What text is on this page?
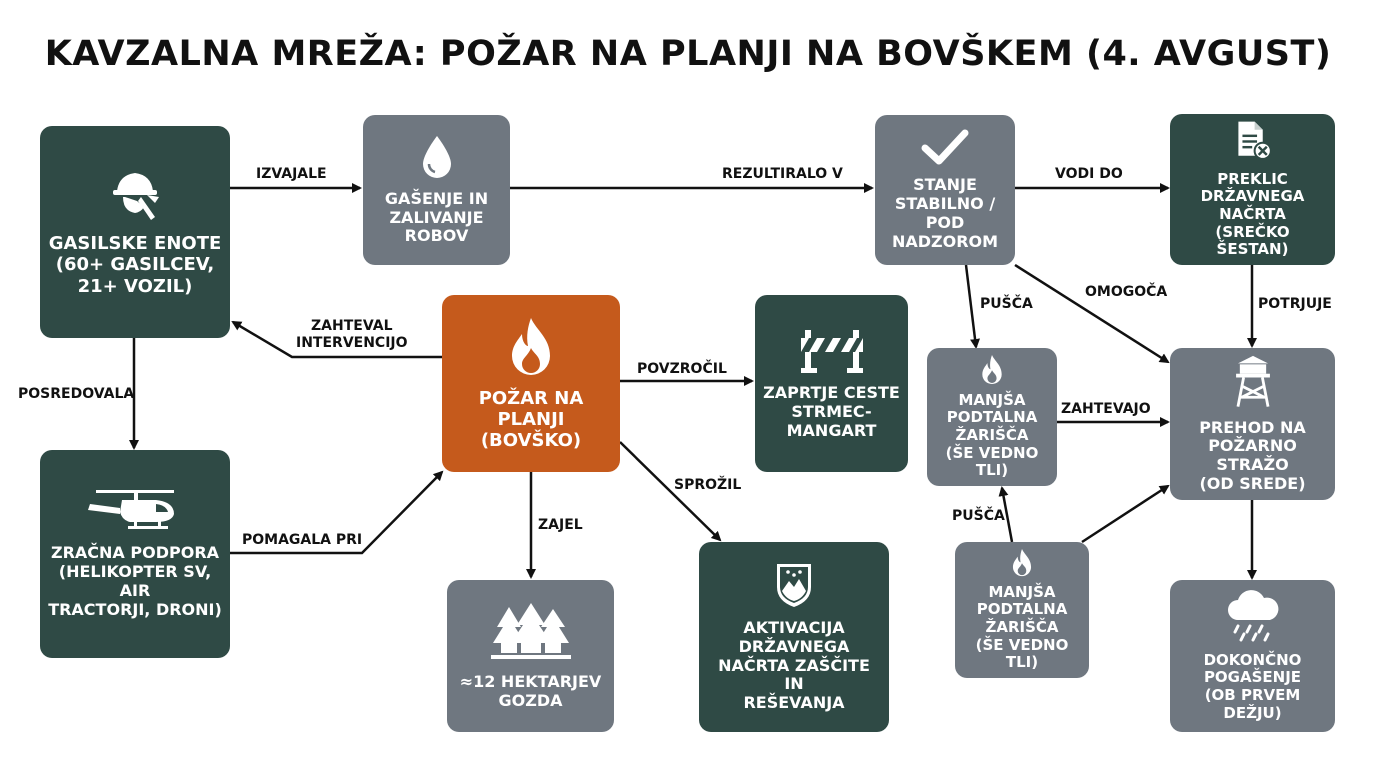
KAVZALNA MREŽA: POŽAR NA PLANJI NA BOVŠKEM (4. AVGUST)
IZVAJALE	REZULTIRALO V	VODI DO
ZAHTEVAL
INTERVENCIJO
POSREDOVALA
POVZROČIL
PUŠČA
OMOGOČA
POTRJUJE
ZAHTEVAJO
POMAGALA PRI
ZAJEL
SPROŽIL
PUŠČA
GASILSKE ENOTE
(60+ GASILCEV,
21+ VOZIL)
GAŠENJE IN
ZALIVANJE
ROBOV
STANJE
STABILNO / POD
NADZOROM
PREKLIC
DRŽAVNEGA NAČRTA
(SREČKO ŠESTAN)
POŽAR NA
PLANJI
(BOVŠKO)
ZAPRTJE CESTE
STRMEC-
MANGART
MANJŠA
PODTALNA
ŽARIŠČA
(ŠE VEDNO TLI)
PREHOD NA
POŽARNO STRAŽO
(OD SREDE)
ZRAČNA PODPORA
(HELIKOPTER SV, AIR
TRACTORJI, DRONI)
≈12 HEKTARJEV
GOZDA
AKTIVACIJA
DRŽAVNEGA
NAČRTA ZAŠČITE IN
REŠEVANJA
MANJŠA
PODTALNA
ŽARIŠČA
(ŠE VEDNO TLI)	DOKONČNO
POGAŠENJE
(OB PRVEM DEŽJU)
